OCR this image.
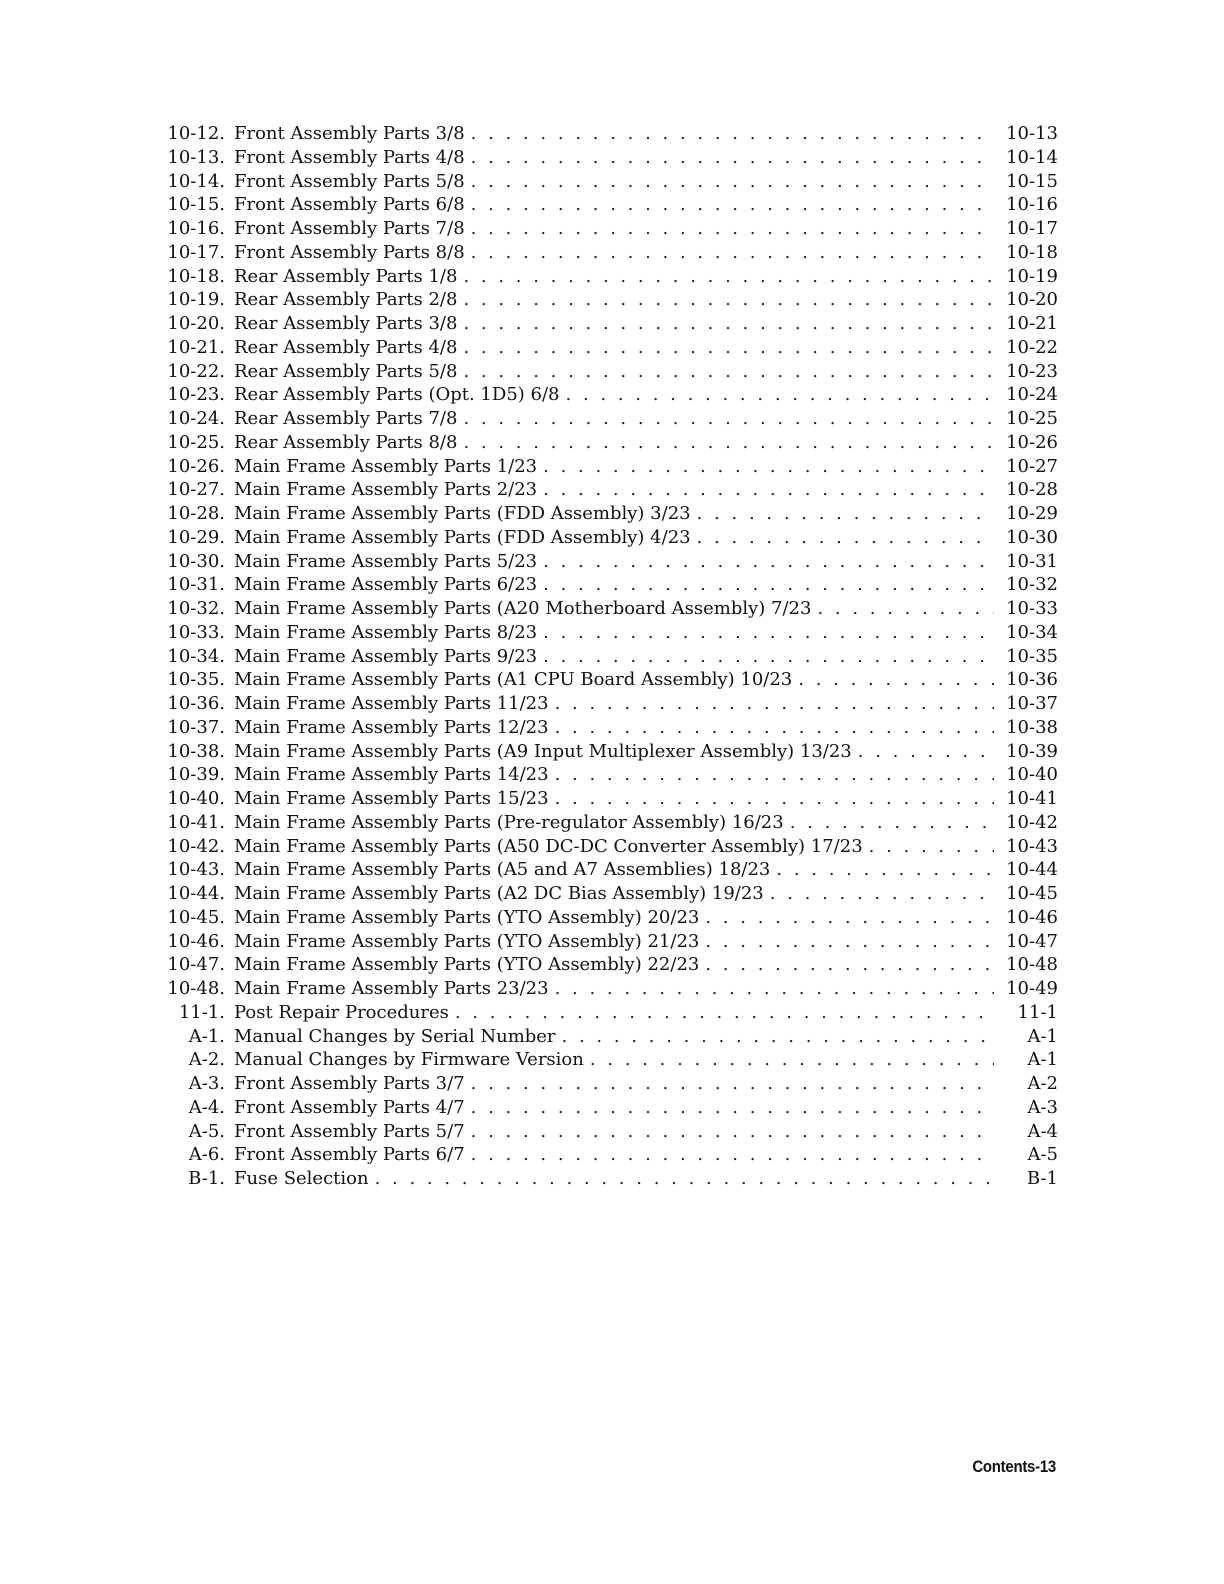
10-12. Front Assembly Parts 3/8 . . .	10-13
10-13. Front Assembly Parts 4/8 . . .	10-14
10-14. Front Assembly Parts 5/8 . . .	10-15
10-15. Front Assembly Parts 6/8 . . .	10-16
10-16. Front Assembly Parts 7/8 . . .	10-17
10-17. Front Assembly Parts 8/8 . . .	10-18
10-18. Rear Assembly Parts 1/8 . . .	10-19
10-19. Rear Assembly Parts 2/8 . . .	10-20
10-20. Rear Assembly Parts 3/8 . . .	10-21
10-21. Rear Assembly Parts 4/8 . . .	10-22
10-22. Rear Assembly Parts 5/8 . . .	10-23
10-23. Rear Assembly Parts (Opt. 1D5) 6/8 . . .	10-24
10-24. Rear Assembly Parts 7/8 . . .	10-25
10-25. Rear Assembly Parts 8/8 . . .	10-26
10-26. Main Frame Assembly Parts 1/23 . . .	10-27
10-27. Main Frame Assembly Parts 2/23 . . .	10-28
10-28. Main Frame Assembly Parts (FDD Assembly) 3/23 . . .	10-29
10-29. Main Frame Assembly Parts (FDD Assembly) 4/23 . . .	10-30
10-30. Main Frame Assembly Parts 5/23 . . .	10-31
10-31. Main Frame Assembly Parts 6/23 . . .	10-32
10-32. Main Frame Assembly Parts (A20 Motherboard Assembly) 7/23 . . .	10-33
10-33. Main Frame Assembly Parts 8/23 . . .	10-34
10-34. Main Frame Assembly Parts 9/23 . . .	10-35
10-35. Main Frame Assembly Parts (A1 CPU Board Assembly) 10/23 . . .	10-36
10-36. Main Frame Assembly Parts 11/23 . . .	10-37
10-37. Main Frame Assembly Parts 12/23 . . .	10-38
10-38. Main Frame Assembly Parts (A9 Input Multiplexer Assembly) 13/23 . . .	10-39
10-39. Main Frame Assembly Parts 14/23 . . .	10-40
10-40. Main Frame Assembly Parts 15/23 . . .	10-41
10-41. Main Frame Assembly Parts (Pre-regulator Assembly) 16/23 . . .	10-42
10-42. Main Frame Assembly Parts (A50 DC-DC Converter Assembly) 17/23 . . .	10-43
10-43. Main Frame Assembly Parts (A5 and A7 Assemblies) 18/23 . . .	10-44
10-44. Main Frame Assembly Parts (A2 DC Bias Assembly) 19/23 . . .	10-45
10-45. Main Frame Assembly Parts (YTO Assembly) 20/23 . . .	10-46
10-46. Main Frame Assembly Parts (YTO Assembly) 21/23 . . .	10-47
10-47. Main Frame Assembly Parts (YTO Assembly) 22/23 . . .	10-48
10-48. Main Frame Assembly Parts 23/23 . . .	10-49
11-1. Post Repair Procedures . . .	11-1
A-1. Manual Changes by Serial Number . . .	A-1
A-2. Manual Changes by Firmware Version . . .	A-1
A-3. Front Assembly Parts 3/7 . . .	A-2
A-4. Front Assembly Parts 4/7 . . .	A-3
A-5. Front Assembly Parts 5/7 . . .	A-4
A-6. Front Assembly Parts 6/7 . . .	A-5
B-1. Fuse Selection . . .	B-1
Contents-13
